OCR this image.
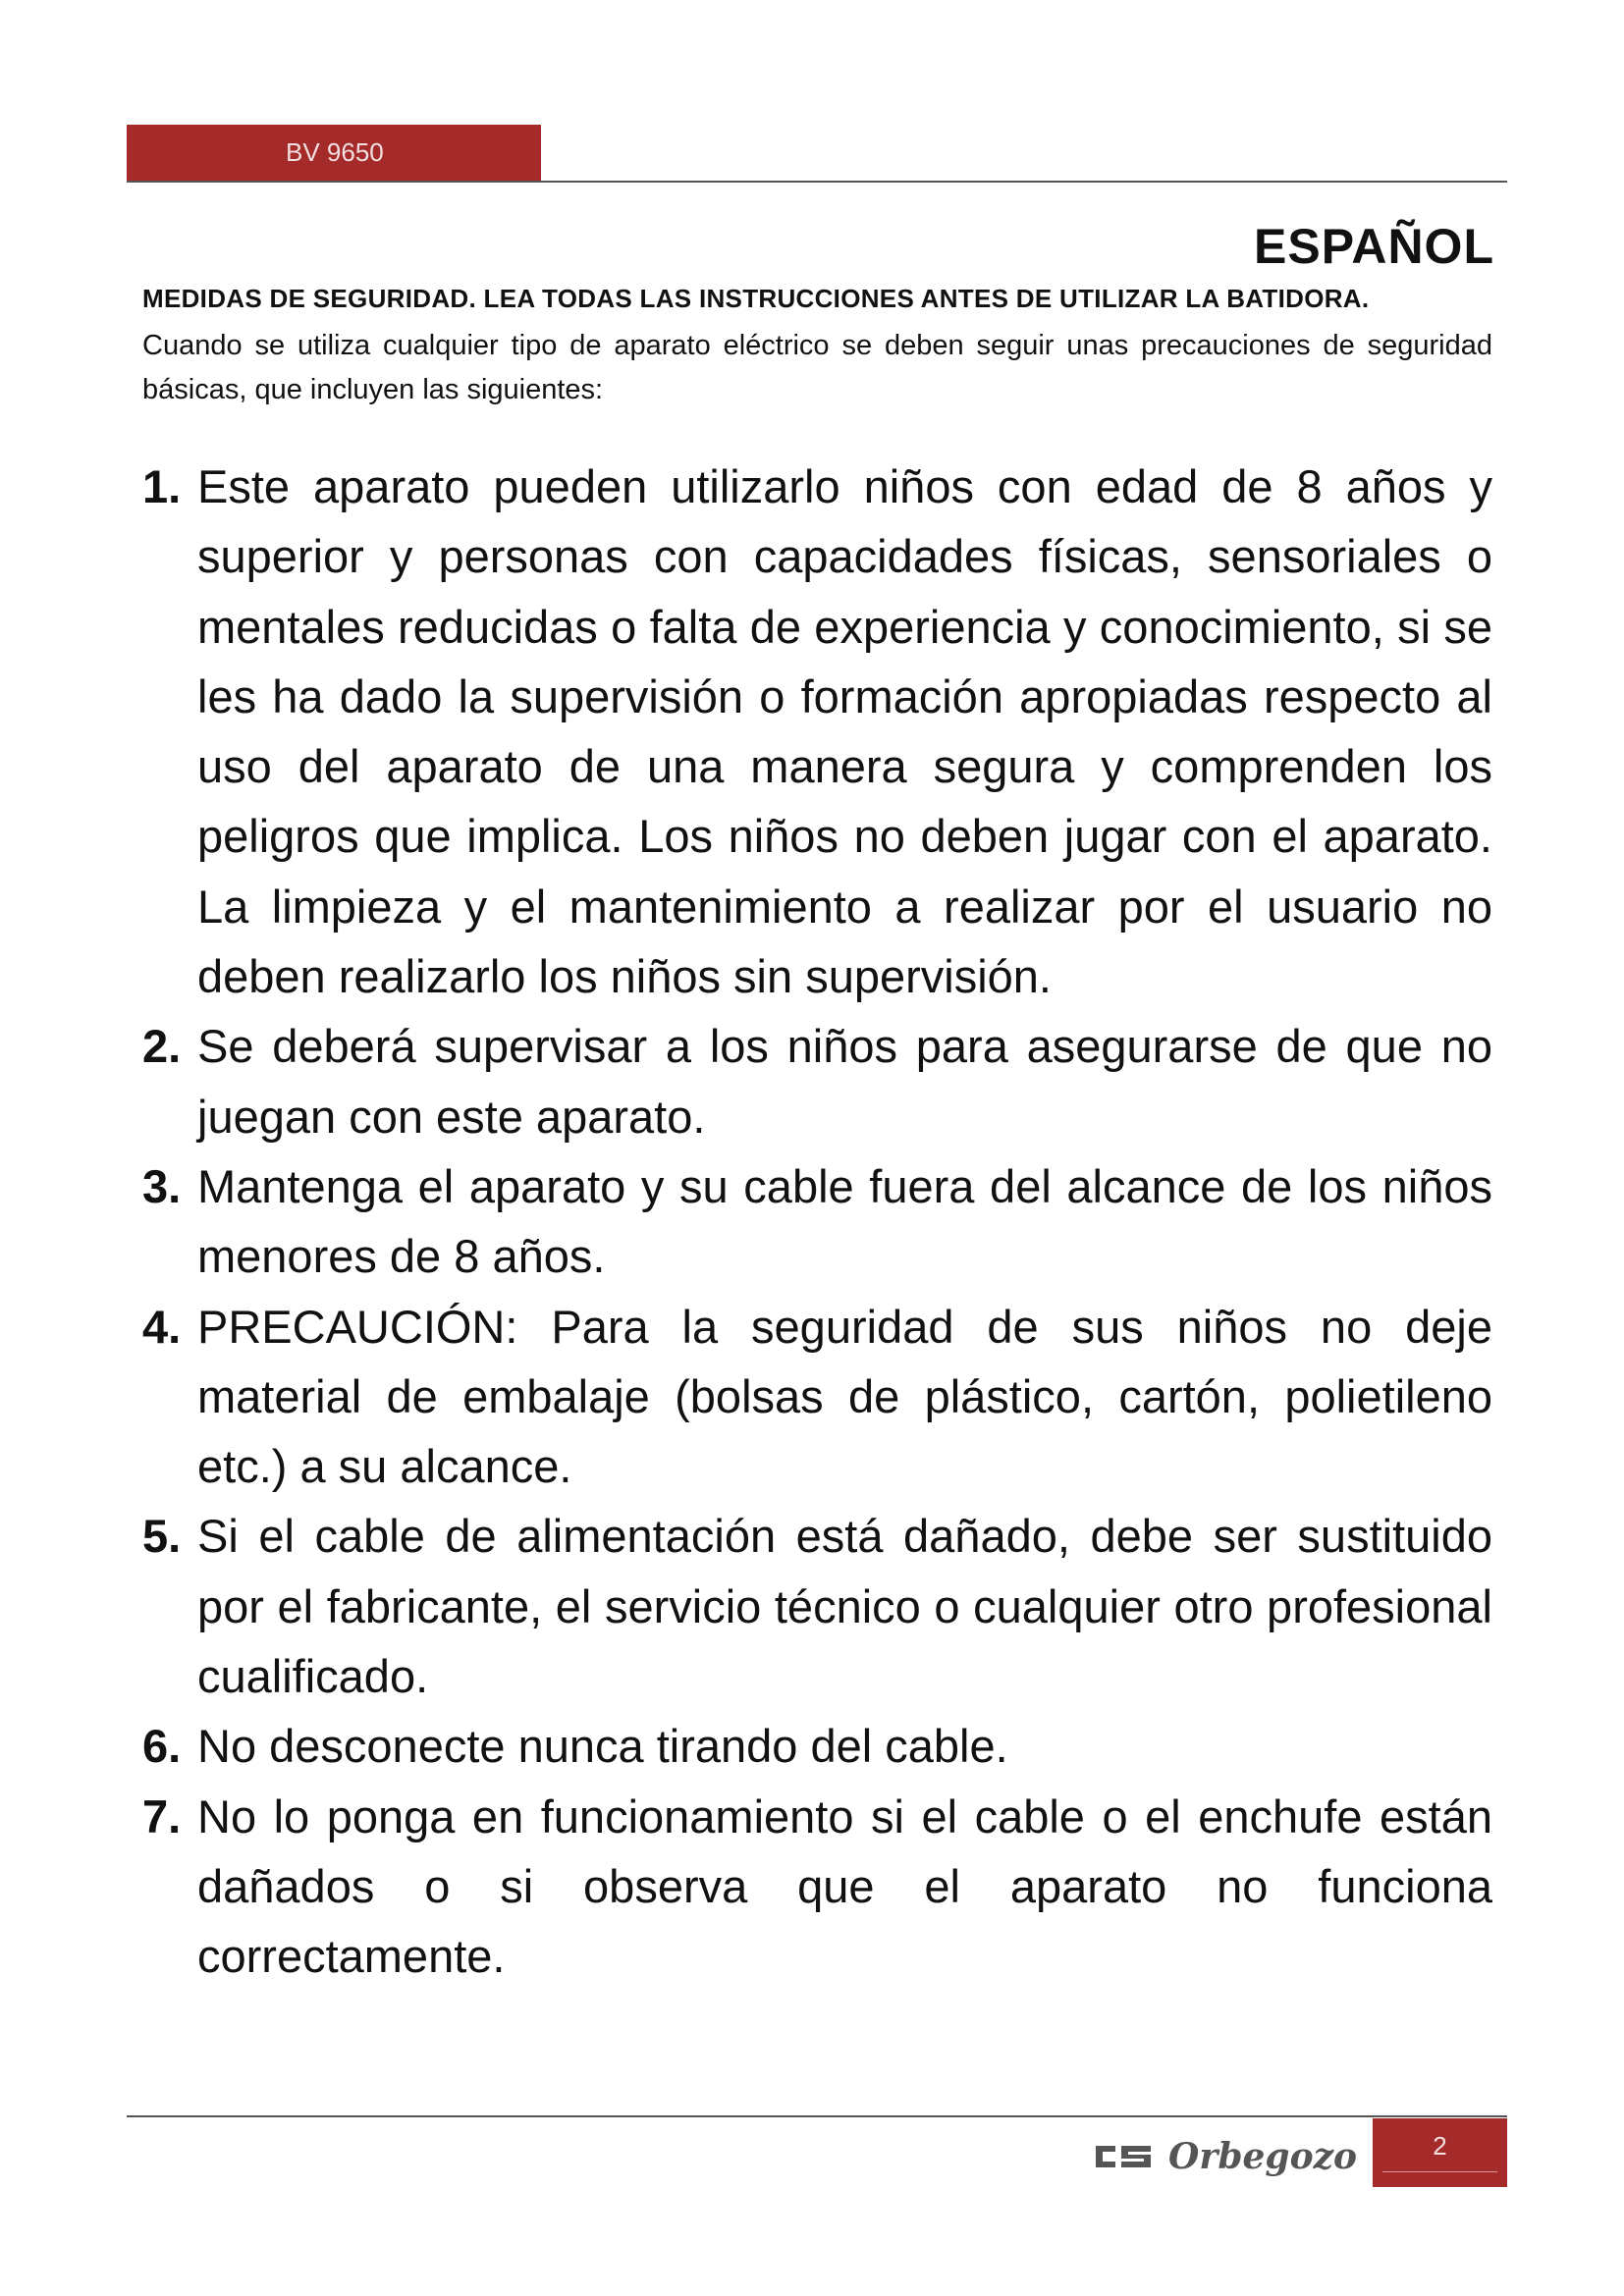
BV 9650
ESPAÑOL
MEDIDAS DE SEGURIDAD. LEA TODAS LAS INSTRUCCIONES ANTES DE UTILIZAR LA BATIDORA.
Cuando se utiliza cualquier tipo de aparato eléctrico se deben seguir unas precauciones de seguridad básicas, que incluyen las siguientes:
1. Este aparato pueden utilizarlo niños con edad de 8 años y superior y personas con capacidades físicas, sensoriales o mentales reducidas o falta de experiencia y conocimiento, si se les ha dado la supervisión o formación apropiadas respecto al uso del aparato de una manera segura y comprenden los peligros que implica. Los niños no deben jugar con el aparato. La limpieza y el mantenimiento a realizar por el usuario no deben realizarlo los niños sin supervisión.
2. Se deberá supervisar a los niños para asegurarse de que no juegan con este aparato.
3. Mantenga el aparato y su cable fuera del alcance de los niños menores de 8 años.
4. PRECAUCIÓN: Para la seguridad de sus niños no deje material de embalaje (bolsas de plástico, cartón, polietileno etc.) a su alcance.
5. Si el cable de alimentación está dañado, debe ser sustituido por el fabricante, el servicio técnico o cualquier otro profesional cualificado.
6. No desconecte nunca tirando del cable.
7. No lo ponga en funcionamiento si el cable o el enchufe están dañados o si observa que el aparato no funciona correctamente.
Orbegozo	2
